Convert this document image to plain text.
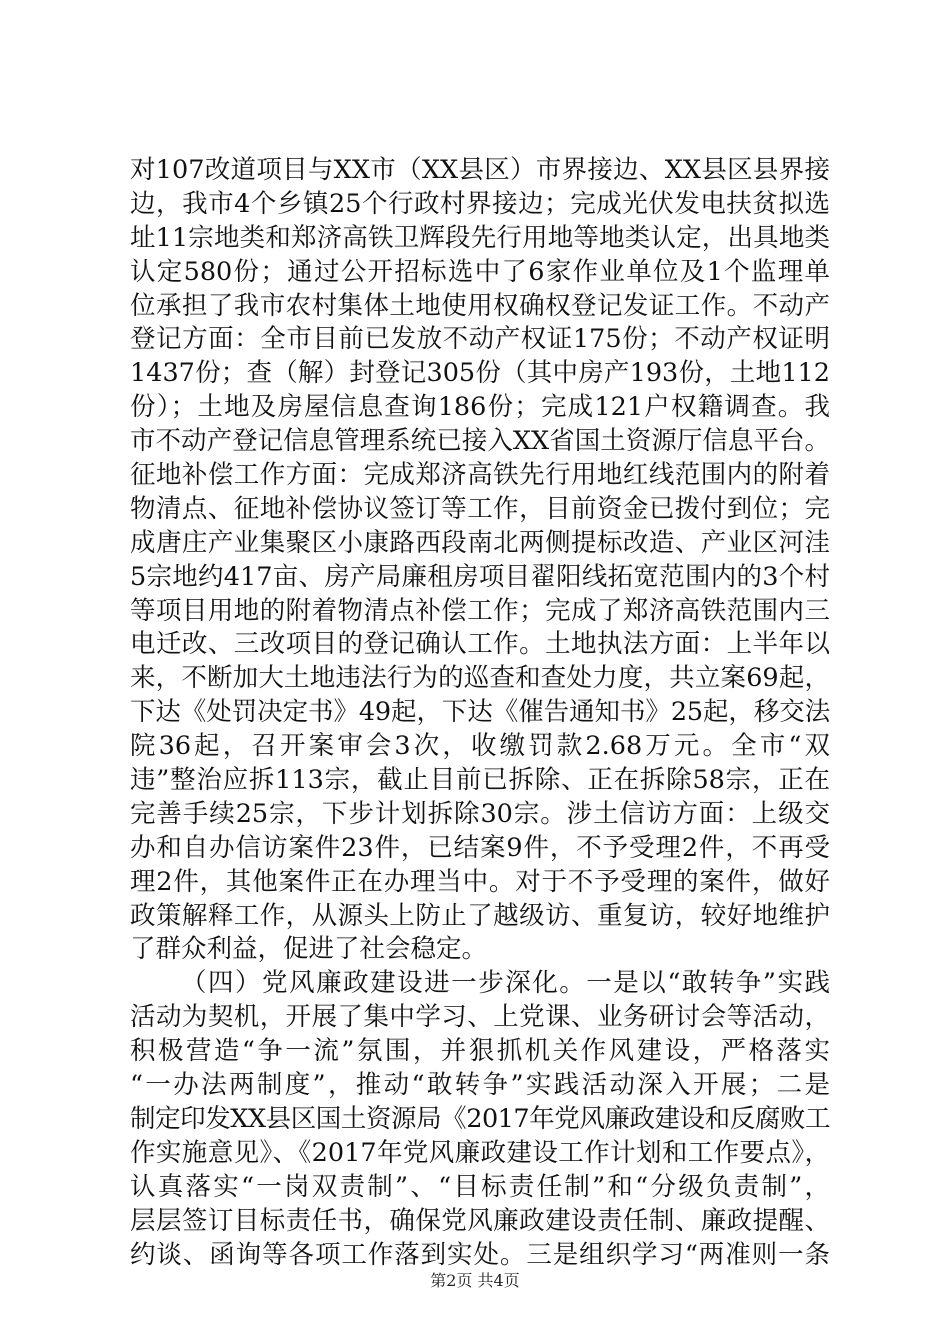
对107改道项目与XX市（XX县区）市界接边、XX县区县界接
边，我市4个乡镇25个行政村界接边；完成光伏发电扶贫拟选
址11宗地类和郑济高铁卫辉段先行用地等地类认定，出具地类
认定580份；通过公开招标选中了6家作业单位及1个监理单
位承担了我市农村集体土地使用权确权登记发证工作。不动产
登记方面：全市目前已发放不动产权证175份；不动产权证明
1437份；查（解）封登记305份（其中房产193份，土地112
份）；土地及房屋信息查询186份；完成121户权籍调查。我
市不动产登记信息管理系统已接入XX省国土资源厅信息平台。
征地补偿工作方面：完成郑济高铁先行用地红线范围内的附着
物清点、征地补偿协议签订等工作，目前资金已拨付到位；完
成唐庄产业集聚区小康路西段南北两侧提标改造、产业区河洼
5宗地约417亩、房产局廉租房项目翟阳线拓宽范围内的3个村
等项目用地的附着物清点补偿工作；完成了郑济高铁范围内三
电迁改、三改项目的登记确认工作。土地执法方面：上半年以
来，不断加大土地违法行为的巡查和查处力度，共立案69起，
下达《处罚决定书》49起，下达《催告通知书》25起，移交法
院36起，召开案审会3次，收缴罚款2.68万元。全市“双
违”整治应拆113宗，截止目前已拆除、正在拆除58宗，正在
完善手续25宗，下步计划拆除30宗。涉土信访方面：上级交
办和自办信访案件23件，已结案9件，不予受理2件，不再受
理2件，其他案件正在办理当中。对于不予受理的案件，做好
政策解释工作，从源头上防止了越级访、重复访，较好地维护
了群众利益，促进了社会稳定。
（四）党风廉政建设进一步深化。一是以“敢转争”实践
活动为契机，开展了集中学习、上党课、业务研讨会等活动，
积极营造“争一流”氛围，并狠抓机关作风建设，严格落实
“一办法两制度”，推动“敢转争”实践活动深入开展；二是
制定印发XX县区国土资源局《2017年党风廉政建设和反腐败工
作实施意见》、《2017年党风廉政建设工作计划和工作要点》，
认真落实“一岗双责制”、“目标责任制”和“分级负责制”，
层层签订目标责任书，确保党风廉政建设责任制、廉政提醒、
约谈、函询等各项工作落到实处。三是组织学习“两准则一条
第2页 共4页
